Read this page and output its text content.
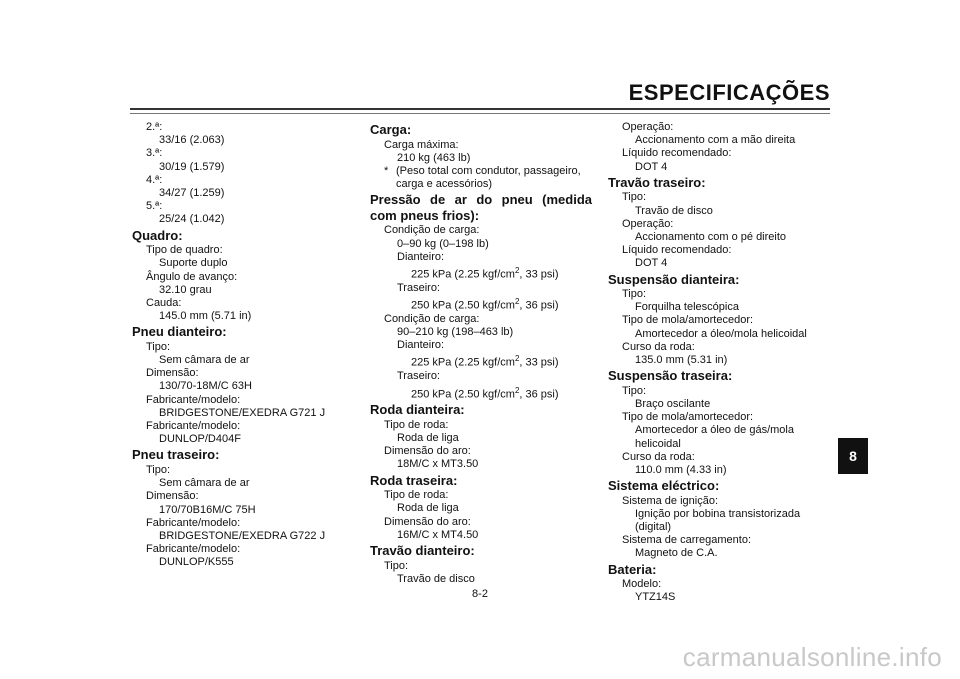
ESPECIFICAÇÕES
2.ª:
33/16 (2.063)
3.ª:
30/19 (1.579)
4.ª:
34/27 (1.259)
5.ª:
25/24 (1.042)
Quadro:
Tipo de quadro:
Suporte duplo
Ângulo de avanço:
32.10 grau
Cauda:
145.0 mm (5.71 in)
Pneu dianteiro:
Tipo:
Sem câmara de ar
Dimensão:
130/70-18M/C 63H
Fabricante/modelo:
BRIDGESTONE/EXEDRA G721 J
Fabricante/modelo:
DUNLOP/D404F
Pneu traseiro:
Tipo:
Sem câmara de ar
Dimensão:
170/70B16M/C 75H
Fabricante/modelo:
BRIDGESTONE/EXEDRA G722 J
Fabricante/modelo:
DUNLOP/K555
Carga:
Carga máxima:
210 kg (463 lb)
* (Peso total com condutor, passageiro, carga e acessórios)
Pressão de ar do pneu (medida com pneus frios):
Condição de carga:
0–90 kg (0–198 lb)
Dianteiro:
225 kPa (2.25 kgf/$cm^2$, 33 psi)
Traseiro:
250 kPa (2.50 kgf/$cm^2$, 36 psi)
Condição de carga:
90–210 kg (198–463 lb)
Dianteiro:
225 kPa (2.25 kgf/$cm^2$, 33 psi)
Traseiro:
250 kPa (2.50 kgf/$cm^2$, 36 psi)
Roda dianteira:
Tipo de roda:
Roda de liga
Dimensão do aro:
18M/C x MT3.50
Roda traseira:
Tipo de roda:
Roda de liga
Dimensão do aro:
16M/C x MT4.50
Travão dianteiro:
Tipo:
Travão de disco
Operação:
Accionamento com a mão direita
Líquido recomendado:
DOT 4
Travão traseiro:
Tipo:
Travão de disco
Operação:
Accionamento com o pé direito
Líquido recomendado:
DOT 4
Suspensão dianteira:
Tipo:
Forquilha telescópica
Tipo de mola/amortecedor:
Amortecedor a óleo/mola helicoidal
Curso da roda:
135.0 mm (5.31 in)
Suspensão traseira:
Tipo:
Braço oscilante
Tipo de mola/amortecedor:
Amortecedor a óleo de gás/mola helicoidal
Curso da roda:
110.0 mm (4.33 in)
Sistema eléctrico:
Sistema de ignição:
Ignição por bobina transistorizada (digital)
Sistema de carregamento:
Magneto de C.A.
Bateria:
Modelo:
YTZ14S
8
8-2
carmanualsonline.info
